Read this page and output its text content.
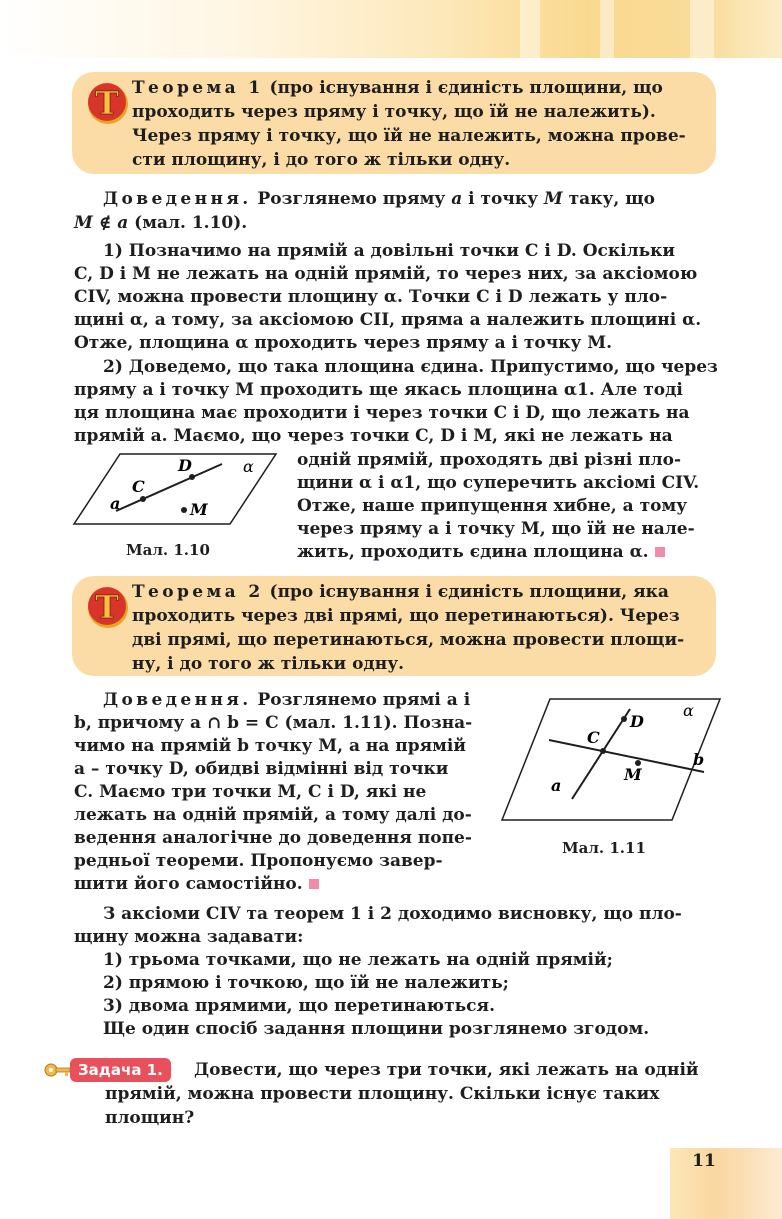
T Теорема 1 (про існування і єдиність площини, що
проходить через пряму і точку, що їй не належить).
Через пряму і точку, що їй не належить, можна прове-
сти площину, і до того ж тільки одну.
Доведення. Розглянемо пряму a і точку M таку, що
M ∉ a (мал. 1.10).
1) Позначимо на прямій a довільні точки C і D. Оскільки
C, D і M не лежать на одній прямій, то через них, за аксіомою
CIV, можна провести площину α. Точки C і D лежать у пло-
щині α, а тому, за аксіомою CII, пряма a належить площині α.
Отже, площина α проходить через пряму a і точку M.
2) Доведемо, що така площина єдина. Припустимо, що через
пряму a і точку M проходить ще якась площина α1. Але тоді
ця площина має проходити і через точки C і D, що лежать на
прямій a. Маємо, що через точки C, D і M, які не лежать на
одній прямій, проходять дві різні пло-
щини α і α1, що суперечить аксіомі CIV.
Отже, наше припущення хибне, а тому
через пряму a і точку M, що їй не нале-
жить, проходить єдина площина α.
C
D
M
a
α
Мал. 1.10
T Теорема 2 (про існування і єдиність площини, яка
проходить через дві прямі, що перетинаються). Через
дві прямі, що перетинаються, можна провести площи-
ну, і до того ж тільки одну.
Доведення. Розглянемо прямі a і
b, причому a ∩ b = C (мал. 1.11). Позна-
чимо на прямій b точку M, а на прямій
a – точку D, обидві відмінні від точки
C. Маємо три точки M, C і D, які не
лежать на одній прямій, а тому далі до-
ведення аналогічне до доведення попе-
редньої теореми. Пропонуємо завер-
шити його самостійно.
C
D
M
a
b
α
Мал. 1.11
З аксіоми CIV та теорем 1 і 2 доходимо висновку, що пло-
щину можна задавати:
1) трьома точками, що не лежать на одній прямій;
2) прямою і точкою, що їй не належить;
3) двома прямими, що перетинаються.
Ще один спосіб задання площини розглянемо згодом.
Задача 1.	Довести, що через три точки, які лежать на одній
прямій, можна провести площину. Скільки існує таких
площин?
11
